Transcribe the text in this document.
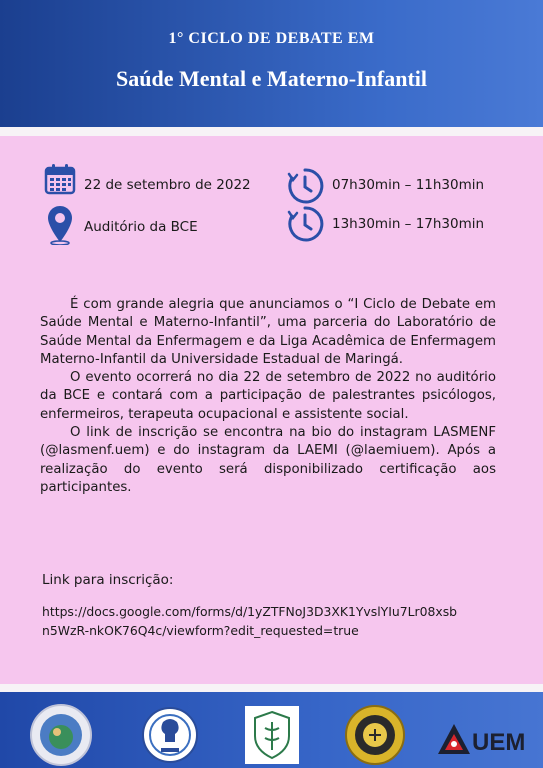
1° CICLO DE DEBATE EM
Saúde Mental e Materno-Infantil
22 de setembro de 2022
Auditório da BCE
07h30min – 11h30min
13h30min – 17h30min

É com grande alegria que anunciamos o “I Ciclo de Debate em Saúde Mental e Materno-Infantil”, uma parceria do Laboratório de Saúde Mental da Enfermagem e da Liga Acadêmica de Enfermagem Materno-Infantil da Universidade Estadual de Maringá.

O evento ocorrerá no dia 22 de setembro de 2022 no auditório da BCE e contará com a participação de palestrantes psicólogos, enfermeiros, terapeuta ocupacional e assistente social.

O link de inscrição se encontra na bio do instagram LASMENF (@lasmenf.uem) e do instagram da LAEMI (@laemiuem). Após a realização do evento será disponibilizado certificação aos participantes.

Link para inscrição:
https://docs.google.com/forms/d/1yZTFNoJ3D3XK1YvslYIu7Lr08xsb
n5WzR-nkOK76Q4c/viewform?edit_requested=true
UEM
